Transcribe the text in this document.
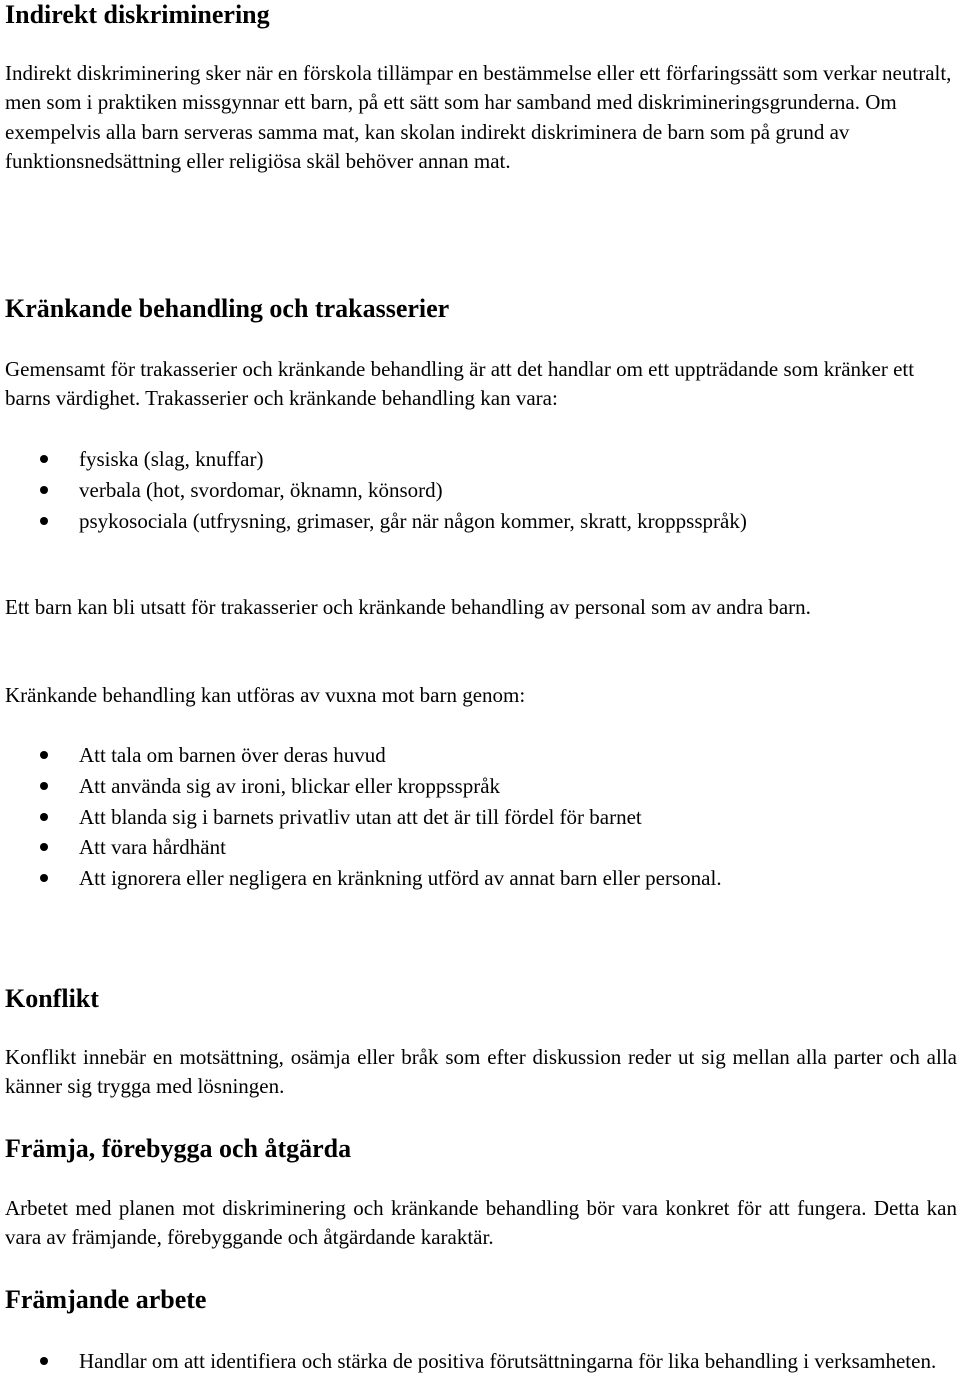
Indirekt diskriminering

Indirekt diskriminering sker när en förskola tillämpar en bestämmelse eller ett förfaringssätt som verkar neutralt, men som i praktiken missgynnar ett barn, på ett sätt som har samband med diskrimineringsgrunderna. Om exempelvis alla barn serveras samma mat, kan skolan indirekt diskriminera de barn som på grund av funktionsnedsättning eller religiösa skäl behöver annan mat.

Kränkande behandling och trakasserier

Gemensamt för trakasserier och kränkande behandling är att det handlar om ett uppträdande som kränker ett barns värdighet. Trakasserier och kränkande behandling kan vara:

fysiska (slag, knuffar)
verbala (hot, svordomar, öknamn, könsord)
psykosociala (utfrysning, grimaser, går när någon kommer, skratt, kroppsspråk)

Ett barn kan bli utsatt för trakasserier och kränkande behandling av personal som av andra barn.

Kränkande behandling kan utföras av vuxna mot barn genom:

Att tala om barnen över deras huvud
Att använda sig av ironi, blickar eller kroppsspråk
Att blanda sig i barnets privatliv utan att det är till fördel för barnet
Att vara hårdhänt
Att ignorera eller negligera en kränkning utförd av annat barn eller personal.
Konflikt

Konflikt innebär en motsättning, osämja eller bråk som efter diskussion reder ut sig mellan alla parter och alla känner sig trygga med lösningen.

Främja, förebygga och åtgärda

Arbetet med planen mot diskriminering och kränkande behandling bör vara konkret för att fungera. Detta kan vara av främjande, förebyggande och åtgärdande karaktär.

Främjande arbete
Handlar om att identifiera och stärka de positiva förutsättningarna för lika behandling i verksamheten.
